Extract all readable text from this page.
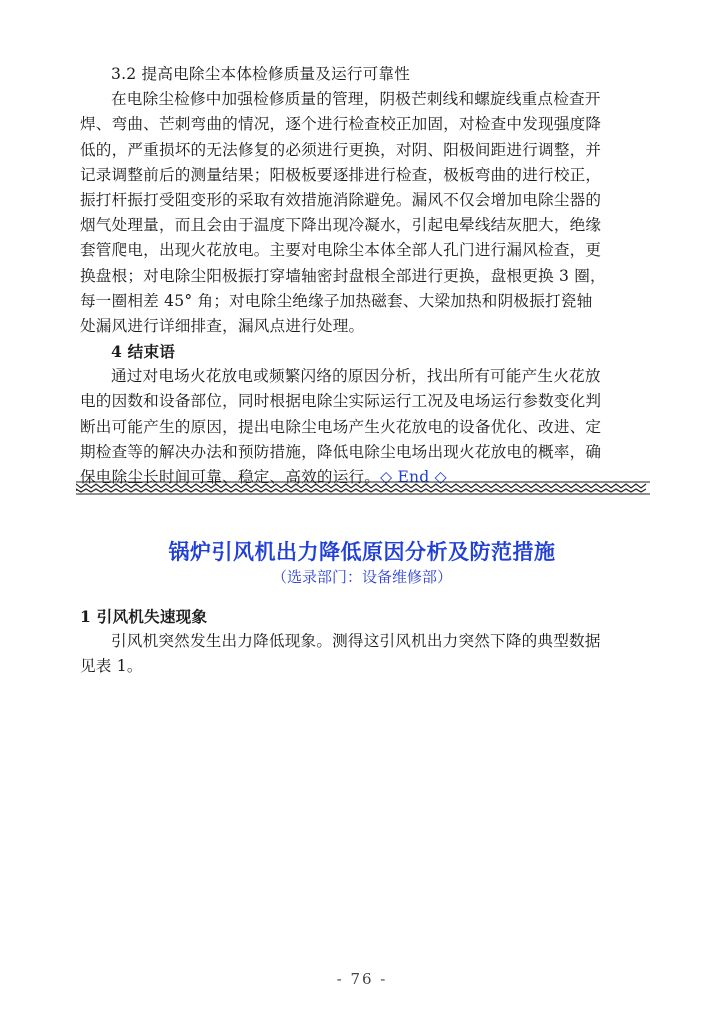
3.2 提高电除尘本体检修质量及运行可靠性
在电除尘检修中加强检修质量的管理，阴极芒刺线和螺旋线重点检查开
焊、弯曲、芒刺弯曲的情况，逐个进行检查校正加固，对检查中发现强度降
低的，严重损坏的无法修复的必须进行更换，对阴、阳极间距进行调整，并
记录调整前后的测量结果；阳极板要逐排进行检查，极板弯曲的进行校正，
振打杆振打受阻变形的采取有效措施消除避免。漏风不仅会增加电除尘器的
烟气处理量，而且会由于温度下降出现冷凝水，引起电晕线结灰肥大，绝缘
套管爬电，出现火花放电。主要对电除尘本体全部人孔门进行漏风检查，更
换盘根；对电除尘阳极振打穿墙轴密封盘根全部进行更换，盘根更换 3 圈，
每一圈相差 45° 角；对电除尘绝缘子加热磁套、大梁加热和阴极振打瓷轴
处漏风进行详细排查，漏风点进行处理。
4 结束语
通过对电场火花放电或频繁闪络的原因分析，找出所有可能产生火花放
电的因数和设备部位，同时根据电除尘实际运行工况及电场运行参数变化判
断出可能产生的原因，提出电除尘电场产生火花放电的设备优化、改进、定
期检查等的解决办法和预防措施，降低电除尘电场出现火花放电的概率，确
保电除尘长时间可靠、稳定、高效的运行。◇ End ◇
锅炉引风机出力降低原因分析及防范措施
（选录部门：设备维修部）
1 引风机失速现象
引风机突然发生出力降低现象。测得这引风机出力突然下降的典型数据
见表 1。
- 76 -
